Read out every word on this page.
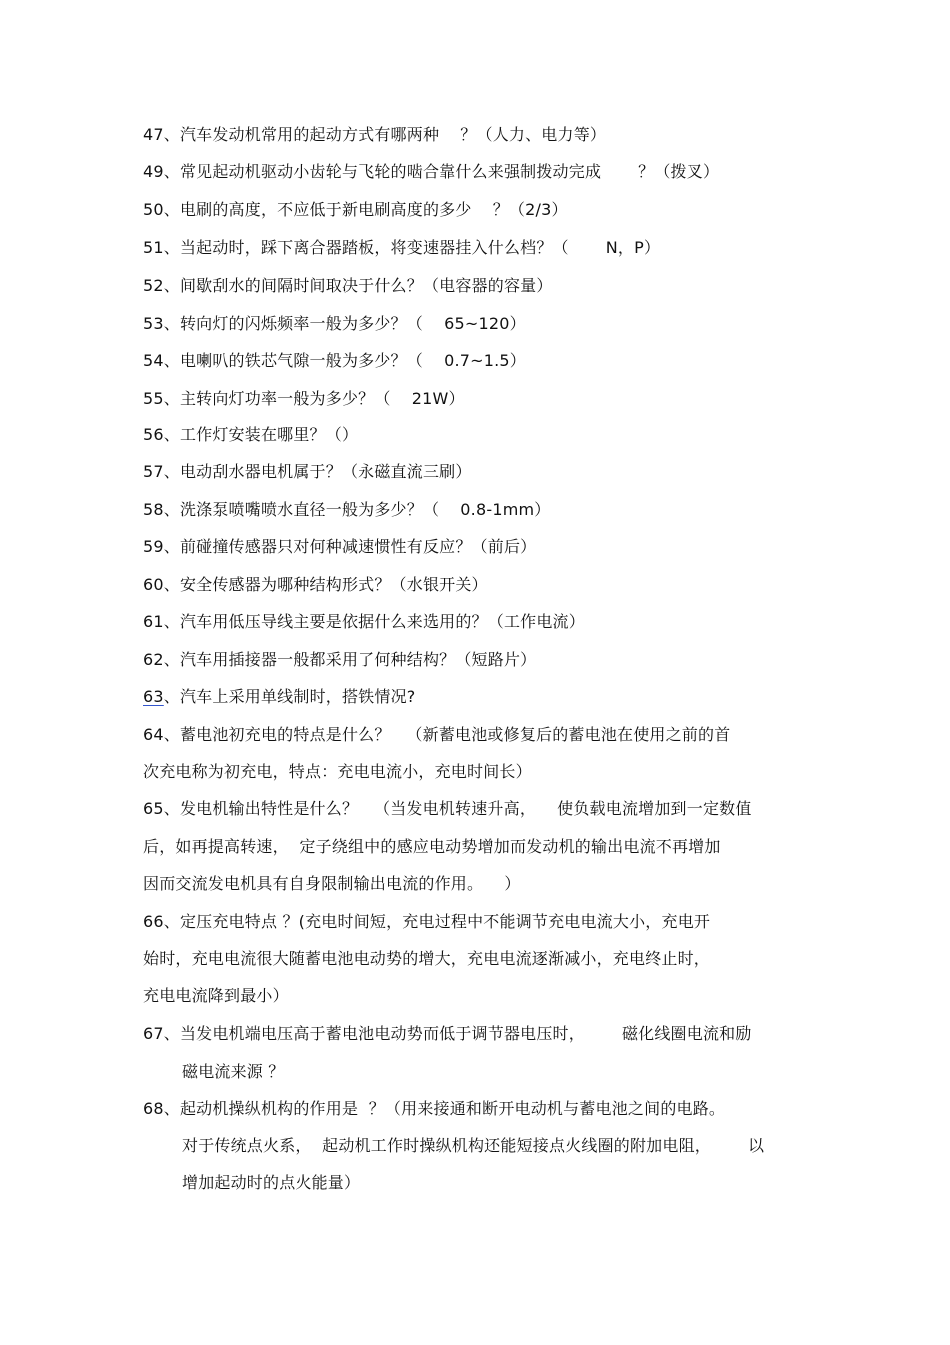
47、汽车发动机常用的起动方式有哪两种    ？（人力、电力等）
49、常见起动机驱动小齿轮与飞轮的啮合靠什么来强制拨动完成       ？（拨叉）
50、电刷的高度，不应低于新电刷高度的多少    ？（2/3）
51、当起动时，踩下离合器踏板，将变速器挂入什么档？（       N，P）
52、间歇刮水的间隔时间取决于什么？（电容器的容量）
53、转向灯的闪烁频率一般为多少？（    65~120）
54、电喇叭的铁芯气隙一般为多少？（    0.7~1.5）
55、主转向灯功率一般为多少？（    21W）
56、工作灯安装在哪里？（）
57、电动刮水器电机属于？（永磁直流三刷）
58、洗涤泵喷嘴喷水直径一般为多少？（    0.8-1mm）
59、前碰撞传感器只对何种减速惯性有反应？（前后）
60、安全传感器为哪种结构形式？（水银开关）
61、汽车用低压导线主要是依据什么来选用的？（工作电流）
62、汽车用插接器一般都采用了何种结构？（短路片）
63、汽车上采用单线制时，搭铁情况?
64、蓄电池初充电的特点是什么？   （新蓄电池或修复后的蓄电池在使用之前的首
次充电称为初充电，特点：充电电流小，充电时间长）
65、发电机输出特性是什么？   （当发电机转速升高，    使负载电流增加到一定数值
后，如再提高转速，  定子绕组中的感应电动势增加而发动机的输出电流不再增加
因而交流发电机具有自身限制输出电流的作用。    ）
66、定压充电特点 ？(充电时间短，充电过程中不能调节充电电流大小，充电开
始时，充电电流很大随蓄电池电动势的增大，充电电流逐渐减小，充电终止时，
充电电流降到最小）
67、当发电机端电压高于蓄电池电动势而低于调节器电压时，       磁化线圈电流和励
磁电流来源 ？
68、起动机操纵机构的作用是  ？（用来接通和断开电动机与蓄电池之间的电路。
对于传统点火系，  起动机工作时操纵机构还能短接点火线圈的附加电阻，       以
增加起动时的点火能量）
